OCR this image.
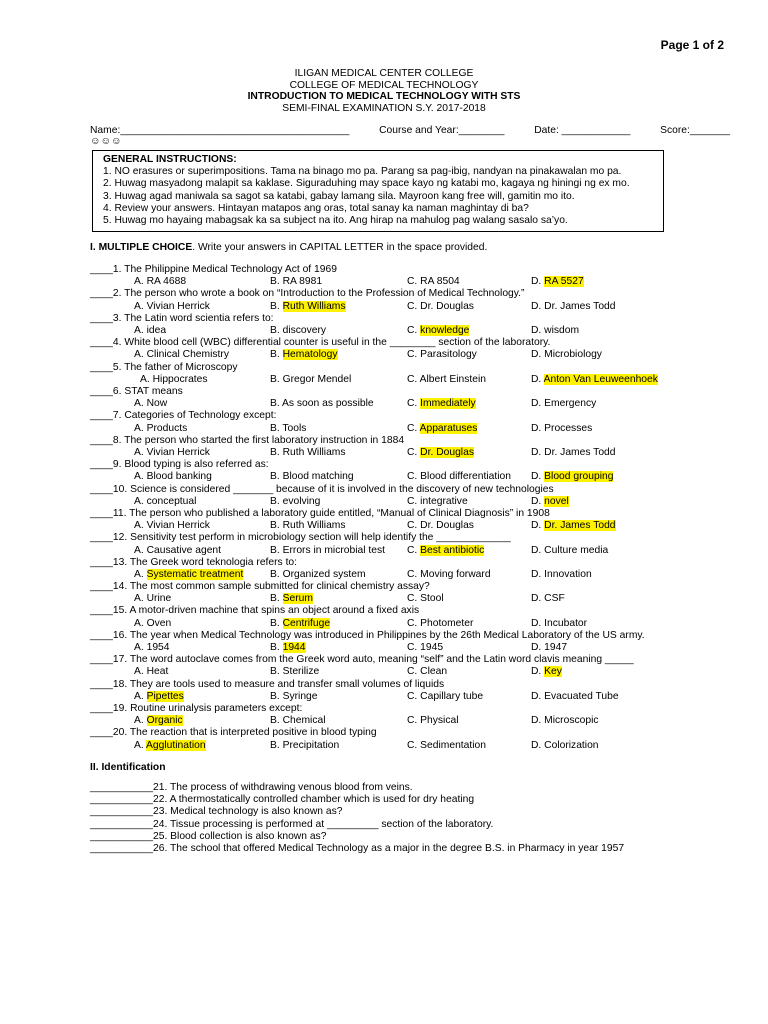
Page 1 of 2
ILIGAN MEDICAL CENTER COLLEGE
COLLEGE OF MEDICAL TECHNOLOGY
INTRODUCTION TO MEDICAL TECHNOLOGY WITH STS
SEMI-FINAL EXAMINATION S.Y. 2017-2018
Name:________________________________________	Course and Year:________	Date: ____________	Score:_______
☺☺☺
GENERAL INSTRUCTIONS:
1. NO erasures or superimpositions. Tama na binago mo pa. Parang sa pag-ibig, nandyan na pinakawalan mo pa.
2. Huwag masyadong malapit sa kaklase. Siguraduhing may space kayo ng katabi mo, kagaya ng hiningi ng ex mo.
3. Huwag agad maniwala sa sagot sa katabi, gabay lamang sila. Mayroon kang free will, gamitin mo ito.
4. Review your answers. Hintayan matapos ang oras, total sanay ka naman maghintay di ba?
5. Huwag mo hayaing mabagsak ka sa subject na ito. Ang hirap na mahulog pag walang sasalo sa’yo.
I. MULTIPLE CHOICE. Write your answers in CAPITAL LETTER in the space provided.
____1. The Philippine Medical Technology Act of 1969
A. RA 4688	B. RA 8981	C. RA 8504	D. RA 5527
____2. The person who wrote a book on “Introduction to the Profession of Medical Technology.”
A. Vivian Herrick	B. Ruth Williams	C. Dr. Douglas	D. Dr. James Todd
____3. The Latin word scientia refers to:
A. idea	B. discovery	C. knowledge	D. wisdom
____4. White blood cell (WBC) differential counter is useful in the ________ section of the laboratory.
A. Clinical Chemistry	B. Hematology	C. Parasitology	D. Microbiology
____5. The father of Microscopy
A. Hippocrates	B. Gregor Mendel	C. Albert Einstein	D. Anton Van Leuweenhoek
____6. STAT means
A. Now	B. As soon as possible	C. Immediately	D. Emergency
____7. Categories of Technology except:
A. Products	B. Tools	C. Apparatuses	D. Processes
____8. The person who started the first laboratory instruction in 1884
A. Vivian Herrick	B. Ruth Williams	C. Dr. Douglas	D. Dr. James Todd
____9. Blood typing is also referred as:
A. Blood banking	B. Blood matching	C. Blood differentiation D. Blood grouping
____10. Science is considered _______ because of it is involved in the discovery of new technologies
A. conceptual	B. evolving	C. integrative	D. novel
____11. The person who published a laboratory guide entitled, “Manual of Clinical Diagnosis” in 1908
A. Vivian Herrick	B. Ruth Williams	C. Dr. Douglas	D. Dr. James Todd
____12. Sensitivity test perform in microbiology section will help identify the _____________
A. Causative agent	B. Errors in microbial test C. Best antibiotic	D. Culture media
____13. The Greek word teknologia refers to:
A. Systematic treatment	B. Organized system	C. Moving forward	D. Innovation
____14. The most common sample submitted for clinical chemistry assay?
A. Urine	B. Serum	C. Stool	D. CSF
____15. A motor-driven machine that spins an object around a fixed axis
A. Oven	B. Centrifuge	C. Photometer	D. Incubator
____16. The year when Medical Technology was introduced in Philippines by the 26th Medical Laboratory of the US army.
A. 1954	B. 1944	C. 1945	D. 1947
____17. The word autoclave comes from the Greek word auto, meaning “self” and the Latin word clavis meaning _____
A. Heat	B. Sterilize	C. Clean	D. Key
____18. They are tools used to measure and transfer small volumes of liquids
A. Pipettes	B. Syringe	C. Capillary tube	D. Evacuated Tube
____19. Routine urinalysis parameters except:
A. Organic	B. Chemical	C. Physical	D. Microscopic
____20. The reaction that is interpreted positive in blood typing
A. Agglutination	B. Precipitation	C. Sedimentation	D. Colorization
II. Identification
___________21. The process of withdrawing venous blood from veins.
___________22. A thermostatically controlled chamber which is used for dry heating
___________23. Medical technology is also known as?
___________24. Tissue processing is performed at _________ section of the laboratory.
___________25. Blood collection is also known as?
___________26. The school that offered Medical Technology as a major in the degree B.S. in Pharmacy in year 1957
